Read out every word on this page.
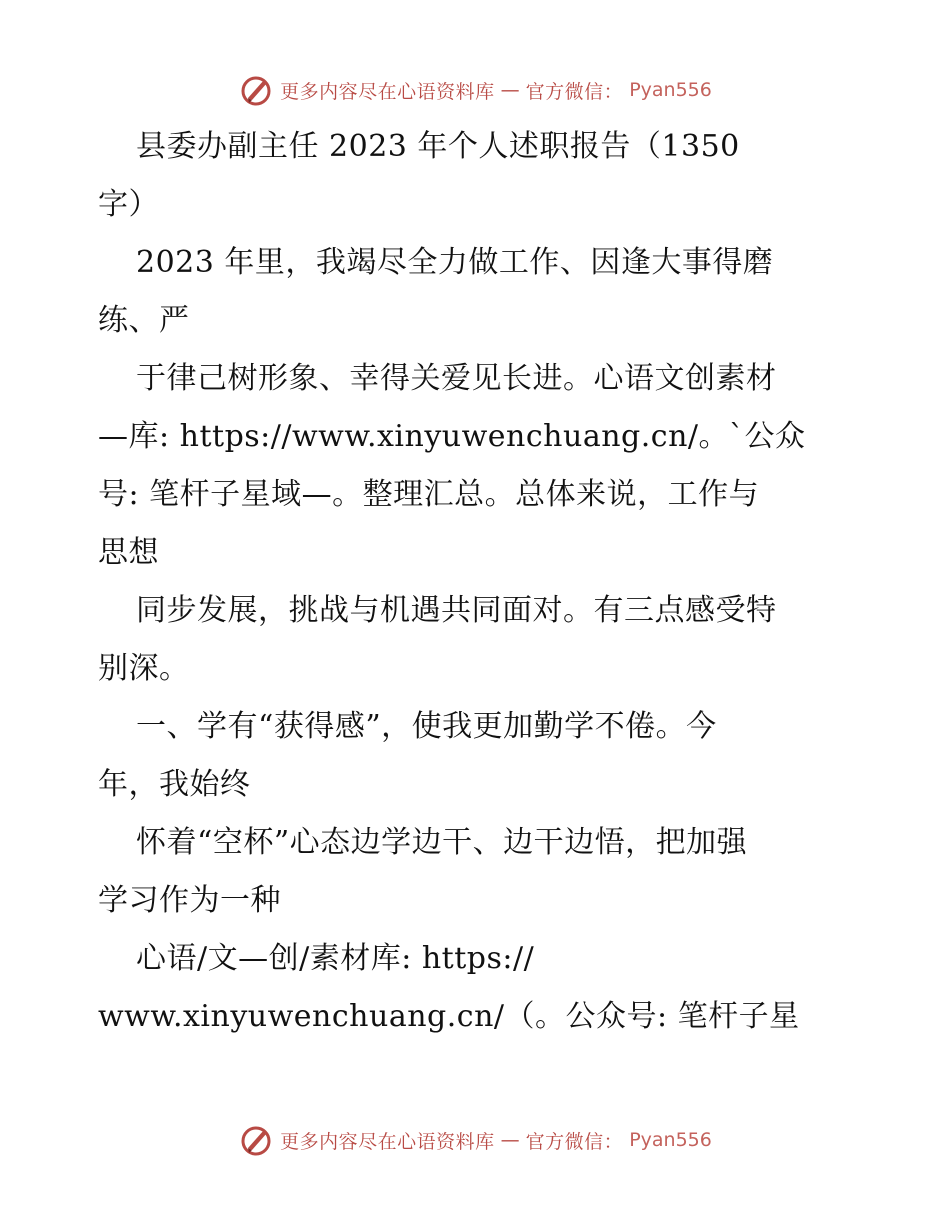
更多内容尽在心语资料库 — 官方微信： Pyan556
县委办副主任 2023 年个人述职报告（1350
字）
2023 年里，我竭尽全力做工作、因逢大事得磨
练、严
于律己树形象、幸得关爱见长进。心语文创素材
—库: https://www.xinyuwenchuang.cn/。`公众
号: 笔杆子星域—。整理汇总。总体来说，工作与
思想
同步发展，挑战与机遇共同面对。有三点感受特
别深。
一、学有“获得感”，使我更加勤学不倦。今
年，我始终
怀着“空杯”心态边学边干、边干边悟，把加强
学习作为一种
心语/文—创/素材库: https://
www.xinyuwenchuang.cn/（。公众号: 笔杆子星
更多内容尽在心语资料库 — 官方微信： Pyan556
